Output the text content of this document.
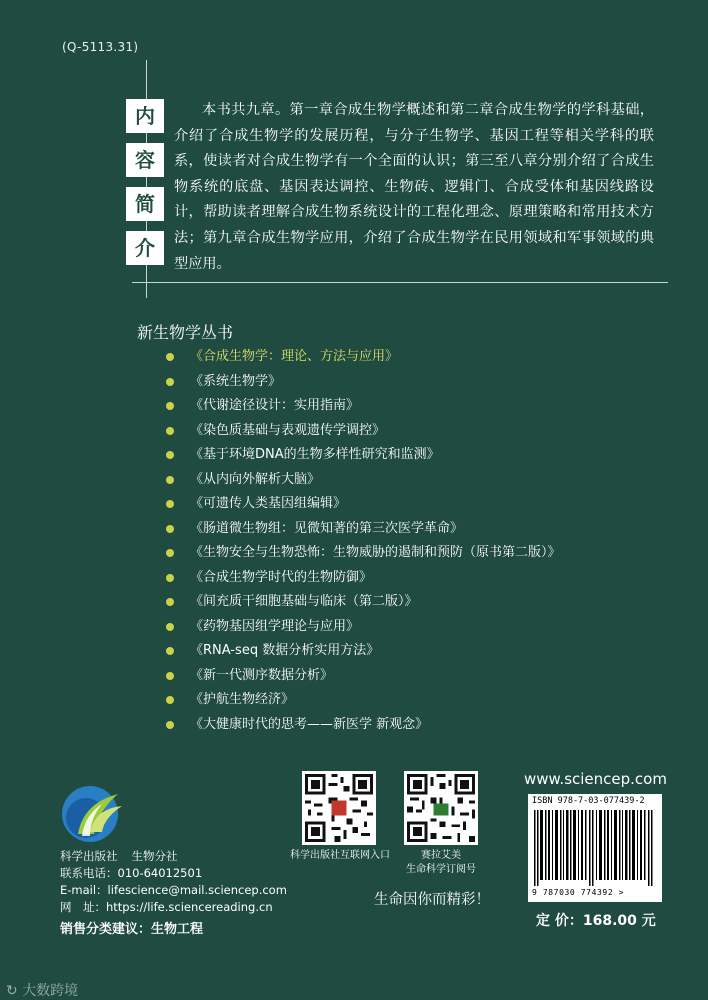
(Q-5113.31)
内
容
简
介
本书共九章。第一章合成生物学概述和第二章合成生物学的学科基础，介绍了合成生物学的发展历程，与分子生物学、基因工程等相关学科的联系，使读者对合成生物学有一个全面的认识；第三至八章分别介绍了合成生物系统的底盘、基因表达调控、生物砖、逻辑门、合成受体和基因线路设计，帮助读者理解合成生物系统设计的工程化理念、原理策略和常用技术方法；第九章合成生物学应用，介绍了合成生物学在民用领域和军事领域的典型应用。
新生物学丛书
《合成生物学：理论、方法与应用》
《系统生物学》
《代谢途径设计：实用指南》
《染色质基础与表观遗传学调控》
《基于环境DNA的生物多样性研究和监测》
《从内向外解析大脑》
《可遗传人类基因组编辑》
《肠道微生物组：见微知著的第三次医学革命》
《生物安全与生物恐怖：生物威胁的遏制和预防（原书第二版）》
《合成生物学时代的生物防御》
《间充质干细胞基础与临床（第二版）》
《药物基因组学理论与应用》
《RNA-seq 数据分析实用方法》
《新一代测序数据分析》
《护航生物经济》
《大健康时代的思考——新医学 新观念》
科学出版社 生物分社
联系电话：010-64012501
E-mail：lifescience@mail.sciencep.com
网　址：https://life.sciencereading.cn
销售分类建议：生物工程
科学出版社互联网入口	赛拉艾美
生命科学订阅号
www.sciencep.com
ISBN 978-7-03-077439-2
9 787030 774392 >
生命因你而精彩！
定 价：168.00 元
↻ 大数跨境
